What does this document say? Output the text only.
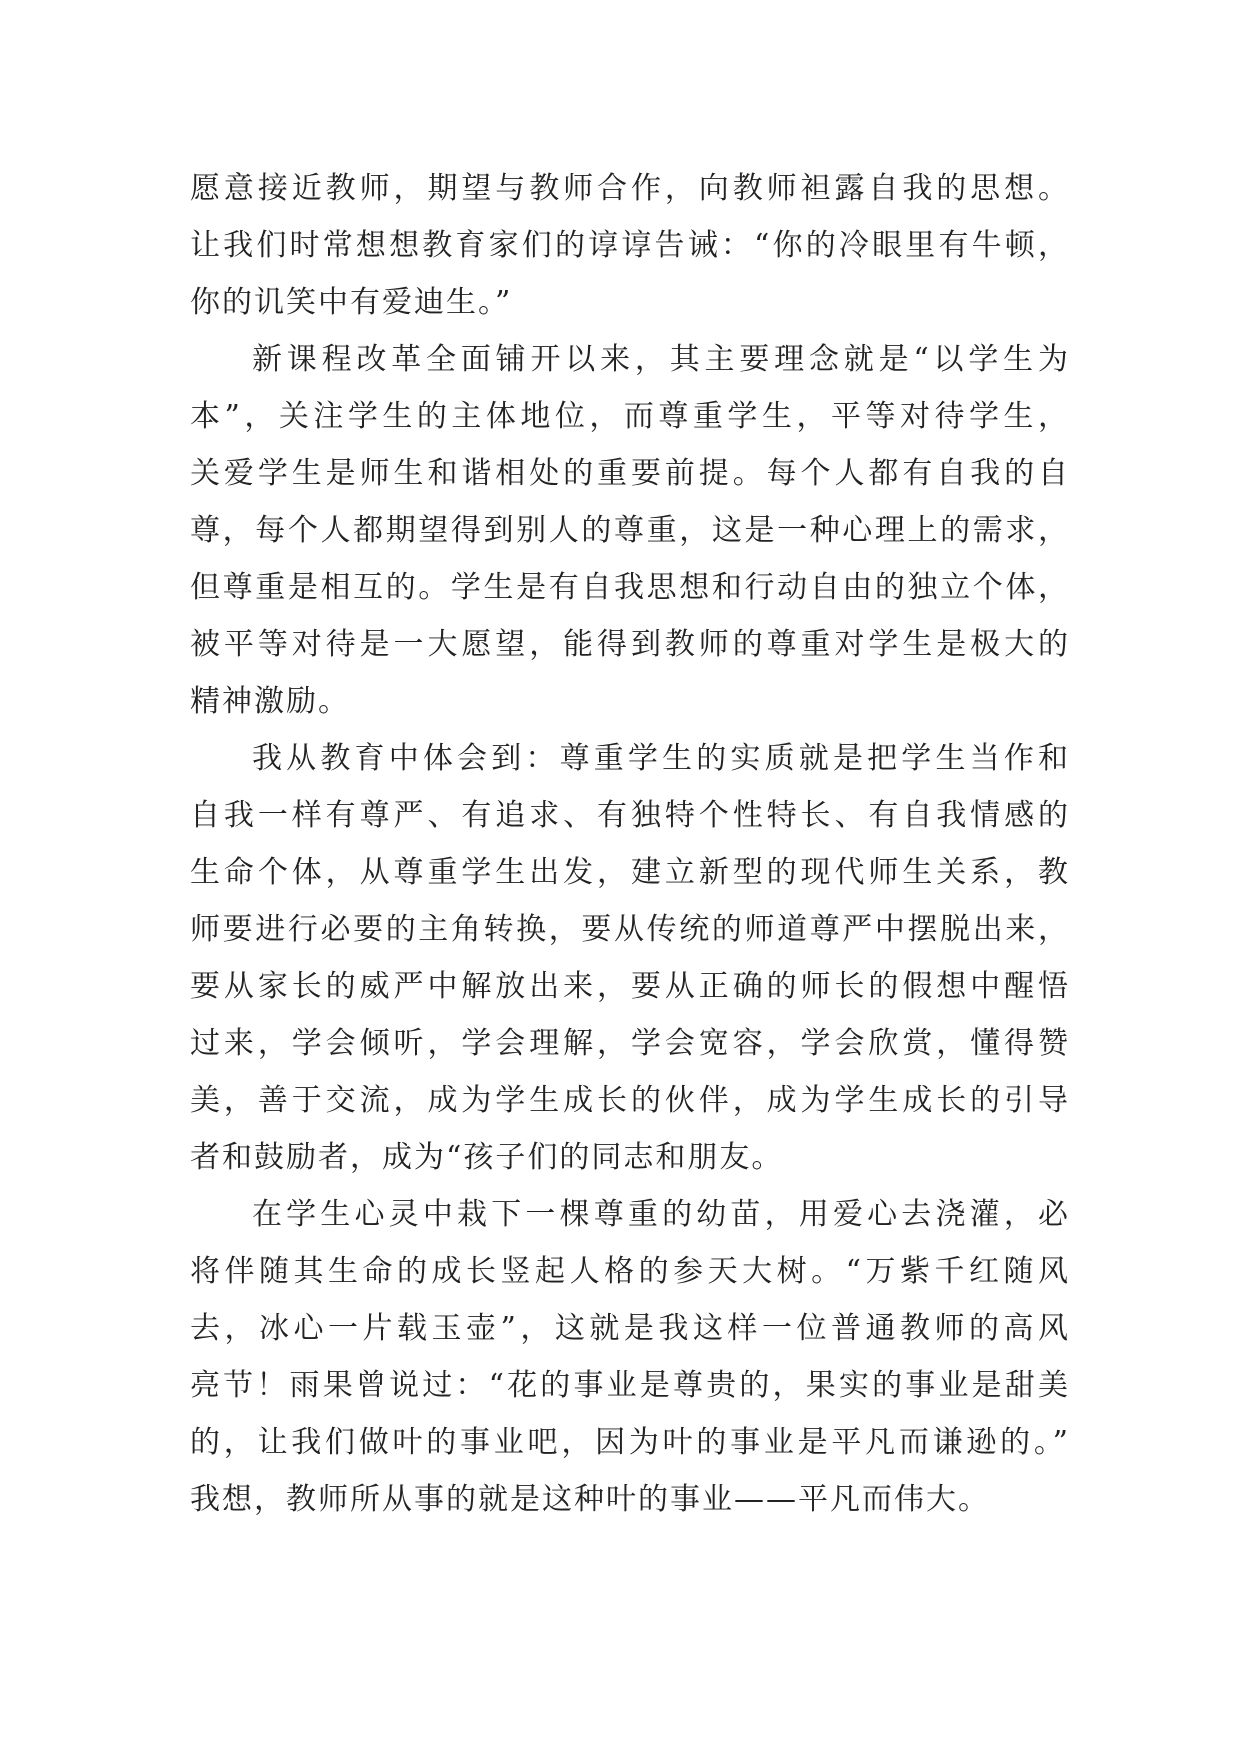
愿意接近教师，期望与教师合作，向教师袒露自我的思想。
让我们时常想想教育家们的谆谆告诫：“你的冷眼里有牛顿，
你的讥笑中有爱迪生。”
新课程改革全面铺开以来，其主要理念就是“以学生为
本”，关注学生的主体地位，而尊重学生，平等对待学生，
关爱学生是师生和谐相处的重要前提。每个人都有自我的自
尊，每个人都期望得到别人的尊重，这是一种心理上的需求，
但尊重是相互的。学生是有自我思想和行动自由的独立个体，
被平等对待是一大愿望，能得到教师的尊重对学生是极大的
精神激励。
我从教育中体会到：尊重学生的实质就是把学生当作和
自我一样有尊严、有追求、有独特个性特长、有自我情感的
生命个体，从尊重学生出发，建立新型的现代师生关系，教
师要进行必要的主角转换，要从传统的师道尊严中摆脱出来，
要从家长的威严中解放出来，要从正确的师长的假想中醒悟
过来，学会倾听，学会理解，学会宽容，学会欣赏，懂得赞
美，善于交流，成为学生成长的伙伴，成为学生成长的引导
者和鼓励者，成为“孩子们的同志和朋友。
在学生心灵中栽下一棵尊重的幼苗，用爱心去浇灌，必
将伴随其生命的成长竖起人格的参天大树。“万紫千红随风
去，冰心一片载玉壶”，这就是我这样一位普通教师的高风
亮节！雨果曾说过：“花的事业是尊贵的，果实的事业是甜美
的，让我们做叶的事业吧，因为叶的事业是平凡而谦逊的。”
我想，教师所从事的就是这种叶的事业——平凡而伟大。
